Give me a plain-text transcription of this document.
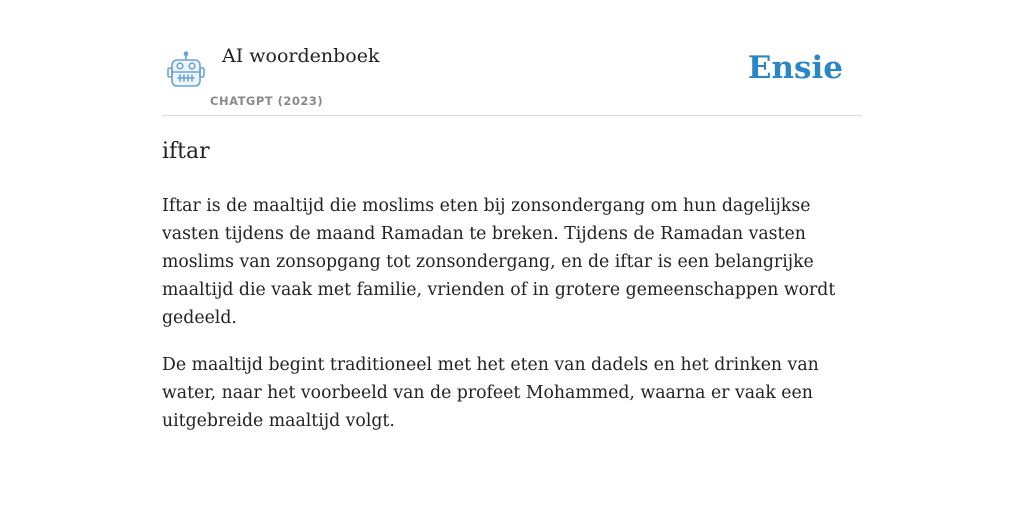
AI woordenboek
CHATGPT (2023)
Ensie
iftar

Iftar is de maaltijd die moslims eten bij zonsondergang om hun dagelijkse vasten tijdens de maand Ramadan te breken. Tijdens de Ramadan vasten moslims van zonsopgang tot zonsondergang, en de iftar is een belangrijke maaltijd die vaak met familie, vrienden of in grotere gemeenschappen wordt gedeeld.

De maaltijd begint traditioneel met het eten van dadels en het drinken van water, naar het voorbeeld van de profeet Mohammed, waarna er vaak een uitgebreide maaltijd volgt.
